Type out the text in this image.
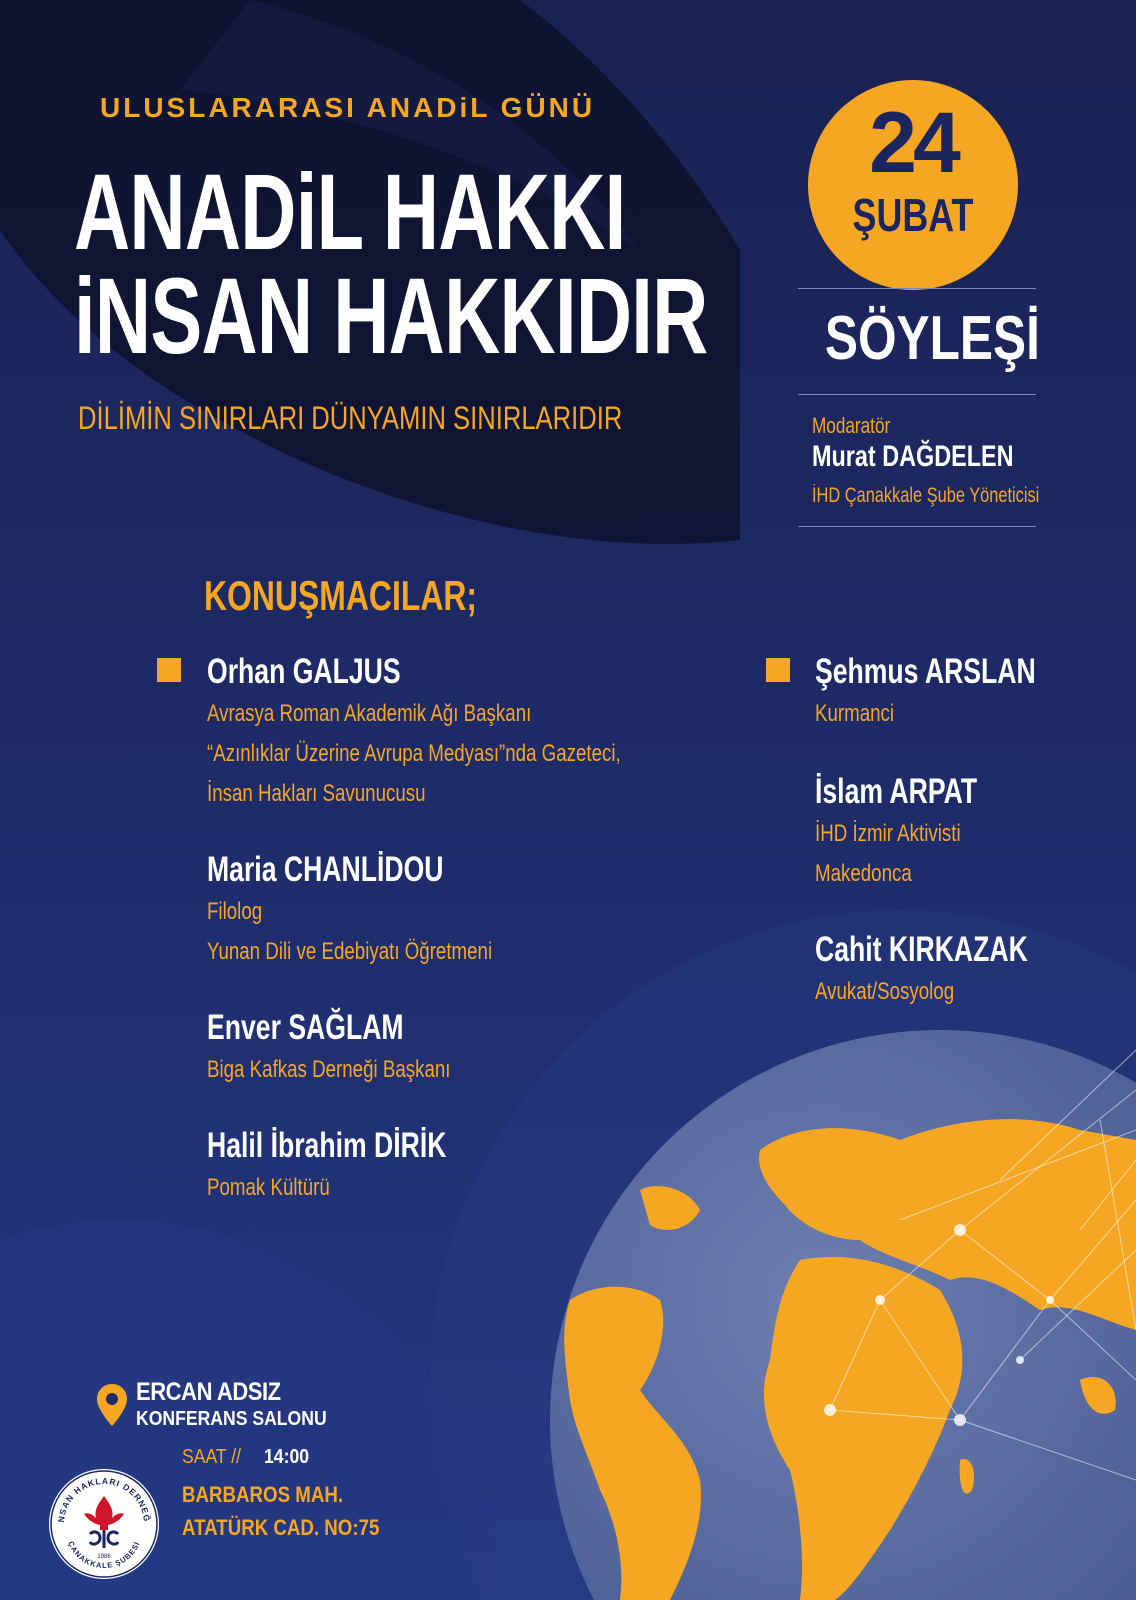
ULUSLARARASI ANADiL GÜNÜ
ANADiL HAKKI
iNSAN HAKKIDIR
DİLİMİN SINIRLARI DÜNYAMIN SINIRLARIDIR
24
ŞUBAT
SÖYLEŞİ
Modaratör
Murat DAĞDELEN
İHD Çanakkale Şube Yöneticisi
KONUŞMACILAR;
Orhan GALJUS
Avrasya Roman Akademik Ağı Başkanı
“Azınlıklar Üzerine Avrupa Medyası”nda Gazeteci,
İnsan Hakları Savunucusu
Maria CHANLİDOU
Filolog
Yunan Dili ve Edebiyatı Öğretmeni
Enver SAĞLAM
Biga Kafkas Derneği Başkanı
Halil İbrahim DİRİK
Pomak Kültürü
Şehmus ARSLAN
Kurmanci
İslam ARPAT
İHD İzmir Aktivisti
Makedonca
Cahit KIRKAZAK
Avukat/Sosyolog
ERCAN ADSIZ
KONFERANS SALONU
SAAT // 14:00
BARBAROS MAH.
ATATÜRK CAD. NO:75
NSAN HAKLARI DERNEĞ
ÇANAKKALE ŞUBESİ
1986
